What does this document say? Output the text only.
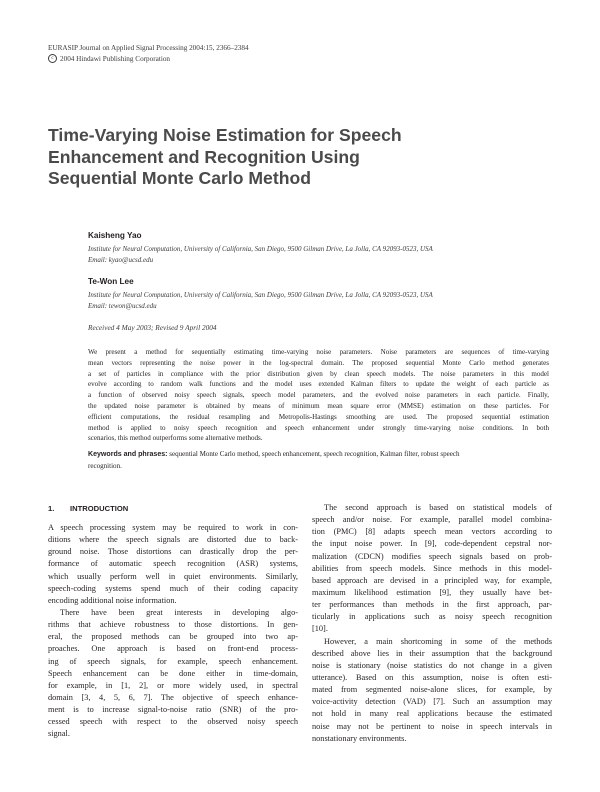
EURASIP Journal on Applied Signal Processing 2004:15, 2366–2384
c 2004 Hindawi Publishing Corporation
Time-Varying Noise Estimation for Speech
Enhancement and Recognition Using
Sequential Monte Carlo Method
Kaisheng Yao
Institute for Neural Computation, University of California, San Diego, 9500 Gilman Drive, La Jolla, CA 92093-0523, USA
Email: kyao@ucsd.edu
Te-Won Lee
Institute for Neural Computation, University of California, San Diego, 9500 Gilman Drive, La Jolla, CA 92093-0523, USA
Email: tewon@ucsd.edu
Received 4 May 2003; Revised 9 April 2004
We present a method for sequentially estimating time-varying noise parameters. Noise parameters are sequences of time-varying
mean vectors representing the noise power in the log-spectral domain. The proposed sequential Monte Carlo method generates
a set of particles in compliance with the prior distribution given by clean speech models. The noise parameters in this model
evolve according to random walk functions and the model uses extended Kalman filters to update the weight of each particle as
a function of observed noisy speech signals, speech model parameters, and the evolved noise parameters in each particle. Finally,
the updated noise parameter is obtained by means of minimum mean square error (MMSE) estimation on these particles. For
efficient computations, the residual resampling and Metropolis-Hastings smoothing are used. The proposed sequential estimation
method is applied to noisy speech recognition and speech enhancement under strongly time-varying noise conditions. In both
scenarios, this method outperforms some alternative methods.
Keywords and phrases: sequential Monte Carlo method, speech enhancement, speech recognition, Kalman filter, robust speech
recognition.
1. INTRODUCTION
A speech processing system may be required to work in con-
ditions where the speech signals are distorted due to back-
ground noise. Those distortions can drastically drop the per-
formance of automatic speech recognition (ASR) systems,
which usually perform well in quiet environments. Similarly,
speech-coding systems spend much of their coding capacity
encoding additional noise information.
There have been great interests in developing algo-
rithms that achieve robustness to those distortions. In gen-
eral, the proposed methods can be grouped into two ap-
proaches. One approach is based on front-end process-
ing of speech signals, for example, speech enhancement.
Speech enhancement can be done either in time-domain,
for example, in [1, 2], or more widely used, in spectral
domain [3, 4, 5, 6, 7]. The objective of speech enhance-
ment is to increase signal-to-noise ratio (SNR) of the pro-
cessed speech with respect to the observed noisy speech
signal.
The second approach is based on statistical models of
speech and/or noise. For example, parallel model combina-
tion (PMC) [8] adapts speech mean vectors according to
the input noise power. In [9], code-dependent cepstral nor-
malization (CDCN) modifies speech signals based on prob-
abilities from speech models. Since methods in this model-
based approach are devised in a principled way, for example,
maximum likelihood estimation [9], they usually have bet-
ter performances than methods in the first approach, par-
ticularly in applications such as noisy speech recognition
[10].
However, a main shortcoming in some of the methods
described above lies in their assumption that the background
noise is stationary (noise statistics do not change in a given
utterance). Based on this assumption, noise is often esti-
mated from segmented noise-alone slices, for example, by
voice-activity detection (VAD) [7]. Such an assumption may
not hold in many real applications because the estimated
noise may not be pertinent to noise in speech intervals in
nonstationary environments.
